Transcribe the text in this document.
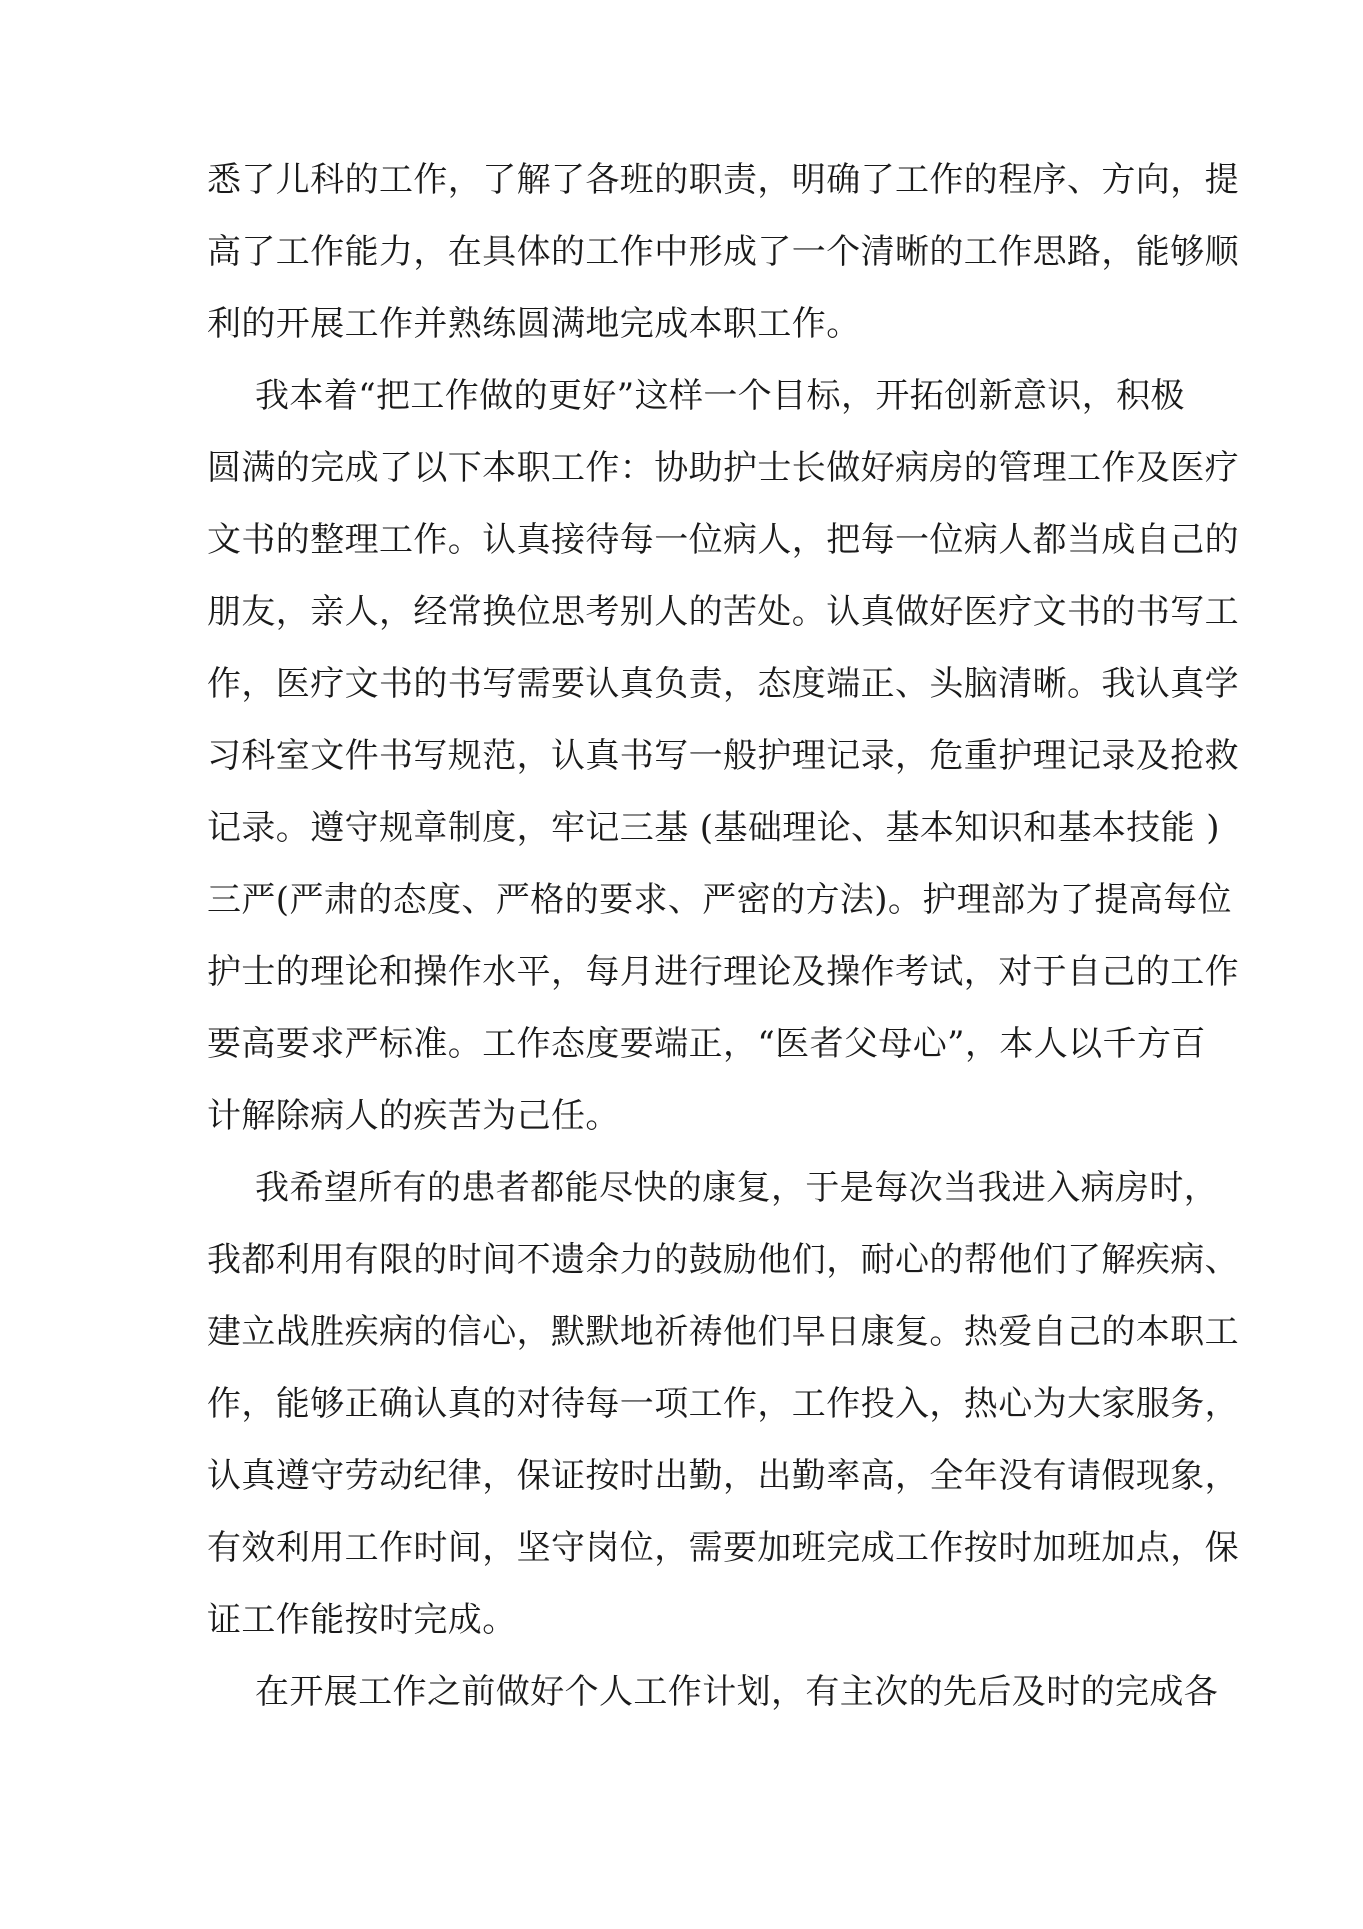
悉了儿科的工作，了解了各班的职责，明确了工作的程序、方向，提
高了工作能力，在具体的工作中形成了一个清晰的工作思路，能够顺
利的开展工作并熟练圆满地完成本职工作。
我本着“把工作做的更好”这样一个目标，开拓创新意识，积极
圆满的完成了以下本职工作：协助护士长做好病房的管理工作及医疗
文书的整理工作。认真接待每一位病人，把每一位病人都当成自己的
朋友，亲人，经常换位思考别人的苦处。认真做好医疗文书的书写工
作，医疗文书的书写需要认真负责，态度端正、头脑清晰。我认真学
习科室文件书写规范，认真书写一般护理记录，危重护理记录及抢救
记录。遵守规章制度，牢记三基 (基础理论、基本知识和基本技能 )
三严(严肃的态度、严格的要求、严密的方法)。护理部为了提高每位
护士的理论和操作水平，每月进行理论及操作考试，对于自己的工作
要高要求严标准。工作态度要端正，“医者父母心”，本人以千方百
计解除病人的疾苦为己任。
我希望所有的患者都能尽快的康复，于是每次当我进入病房时，
我都利用有限的时间不遗余力的鼓励他们，耐心的帮他们了解疾病、
建立战胜疾病的信心，默默地祈祷他们早日康复。热爱自己的本职工
作，能够正确认真的对待每一项工作，工作投入，热心为大家服务，
认真遵守劳动纪律，保证按时出勤，出勤率高，全年没有请假现象，
有效利用工作时间，坚守岗位，需要加班完成工作按时加班加点，保
证工作能按时完成。
在开展工作之前做好个人工作计划，有主次的先后及时的完成各
